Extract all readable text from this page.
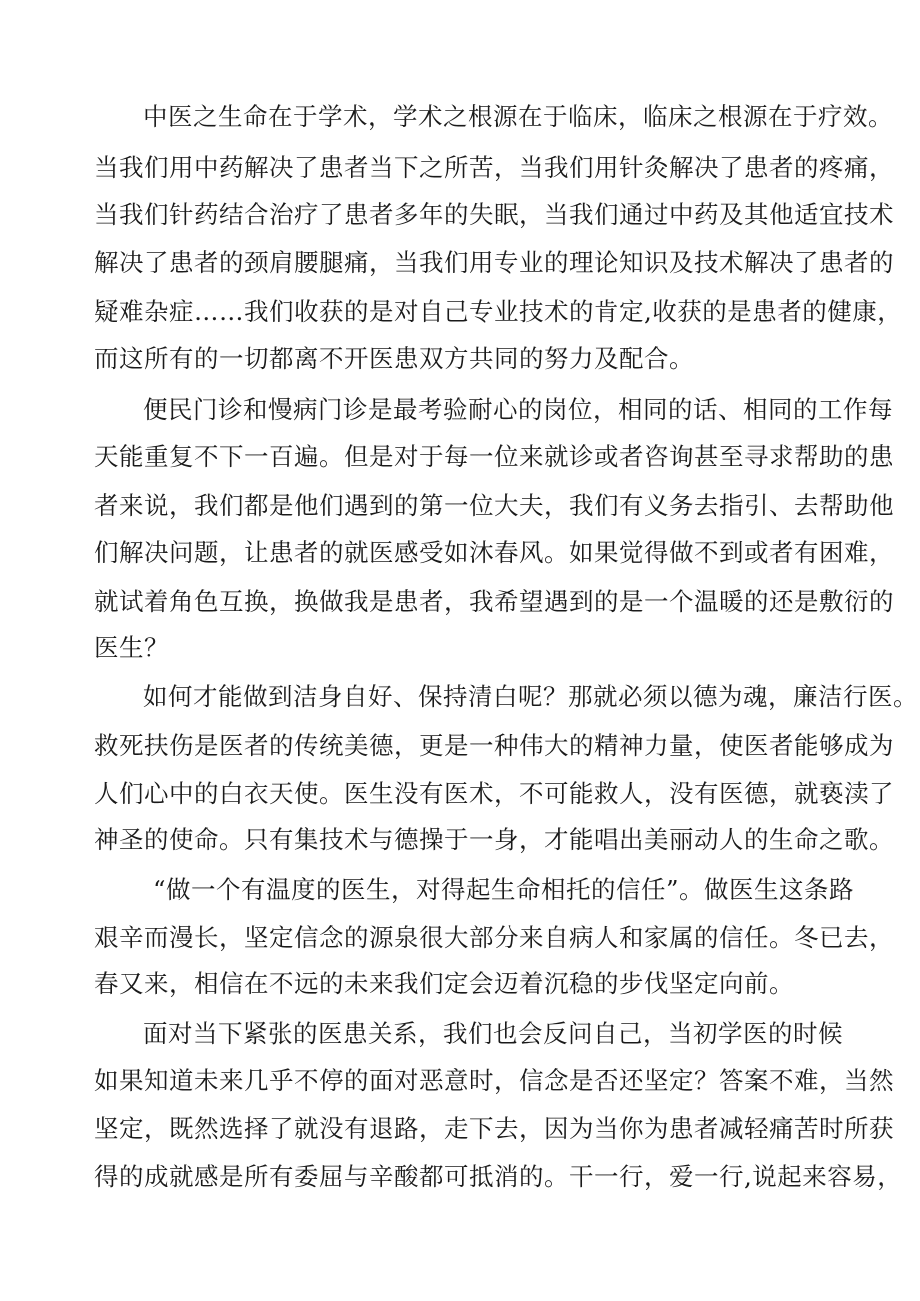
中医之生命在于学术，学术之根源在于临床，临床之根源在于疗效。
当我们用中药解决了患者当下之所苦，当我们用针灸解决了患者的疼痛，
当我们针药结合治疗了患者多年的失眠，当我们通过中药及其他适宜技术
解决了患者的颈肩腰腿痛，当我们用专业的理论知识及技术解决了患者的
疑难杂症……我们收获的是对自己专业技术的肯定,收获的是患者的健康，
而这所有的一切都离不开医患双方共同的努力及配合。
便民门诊和慢病门诊是最考验耐心的岗位，相同的话、相同的工作每
天能重复不下一百遍。但是对于每一位来就诊或者咨询甚至寻求帮助的患
者来说，我们都是他们遇到的第一位大夫，我们有义务去指引、去帮助他
们解决问题，让患者的就医感受如沐春风。如果觉得做不到或者有困难，
就试着角色互换，换做我是患者，我希望遇到的是一个温暖的还是敷衍的
医生？
如何才能做到洁身自好、保持清白呢？那就必须以德为魂，廉洁行医。
救死扶伤是医者的传统美德，更是一种伟大的精神力量，使医者能够成为
人们心中的白衣天使。医生没有医术，不可能救人，没有医德，就亵渎了
神圣的使命。只有集技术与德操于一身，才能唱出美丽动人的生命之歌。
“做一个有温度的医生，对得起生命相托的信任”。做医生这条路
艰辛而漫长，坚定信念的源泉很大部分来自病人和家属的信任。冬已去，
春又来，相信在不远的未来我们定会迈着沉稳的步伐坚定向前。
面对当下紧张的医患关系，我们也会反问自己，当初学医的时候
如果知道未来几乎不停的面对恶意时，信念是否还坚定？答案不难，当然
坚定，既然选择了就没有退路，走下去，因为当你为患者减轻痛苦时所获
得的成就感是所有委屈与辛酸都可抵消的。干一行，爱一行,说起来容易，
